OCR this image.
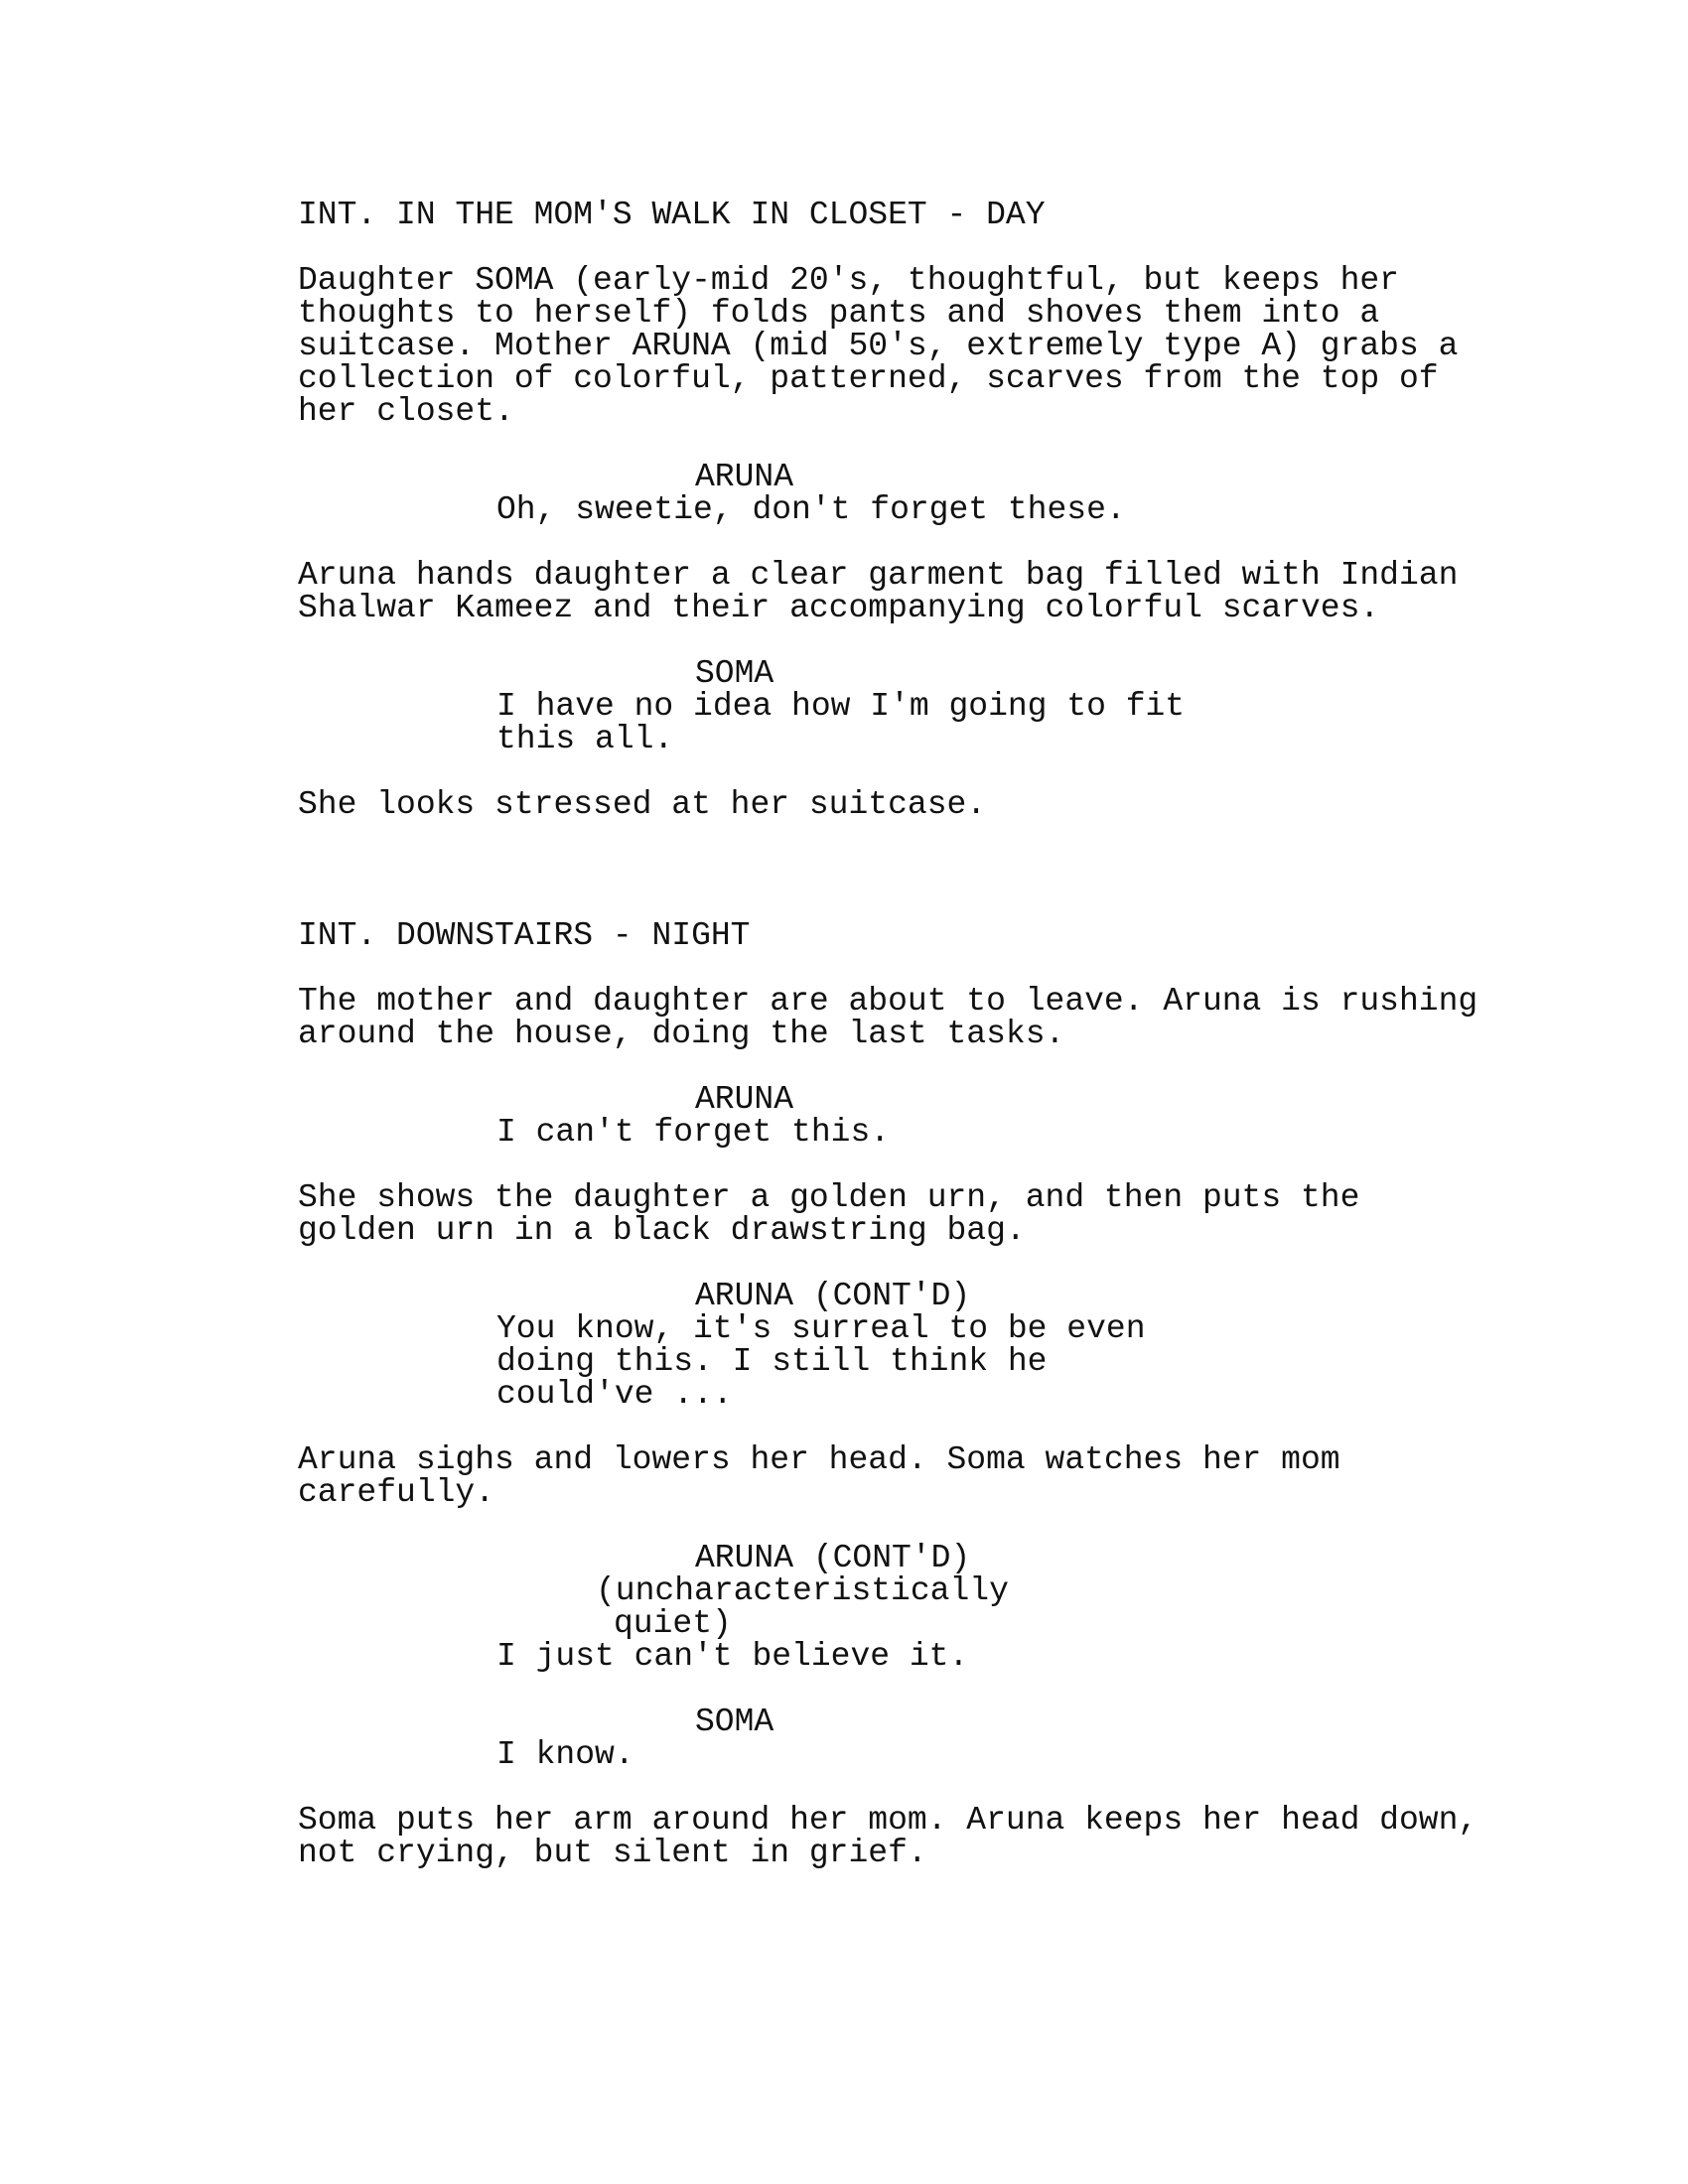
INT. IN THE MOM'S WALK IN CLOSET - DAY
Daughter SOMA (early-mid 20's, thoughtful, but keeps her
thoughts to herself) folds pants and shoves them into a
suitcase. Mother ARUNA (mid 50's, extremely type A) grabs a
collection of colorful, patterned, scarves from the top of
her closet.
ARUNA
Oh, sweetie, don't forget these.
Aruna hands daughter a clear garment bag filled with Indian
Shalwar Kameez and their accompanying colorful scarves.
SOMA
I have no idea how I'm going to fit
this all.
She looks stressed at her suitcase.
INT. DOWNSTAIRS - NIGHT
The mother and daughter are about to leave. Aruna is rushing
around the house, doing the last tasks.
ARUNA
I can't forget this.
She shows the daughter a golden urn, and then puts the
golden urn in a black drawstring bag.
ARUNA (CONT'D)
You know, it's surreal to be even
doing this. I still think he
could've ...
Aruna sighs and lowers her head. Soma watches her mom
carefully.
ARUNA (CONT'D)
(uncharacteristically
quiet)
I just can't believe it.
SOMA
I know.
Soma puts her arm around her mom. Aruna keeps her head down,
not crying, but silent in grief.
